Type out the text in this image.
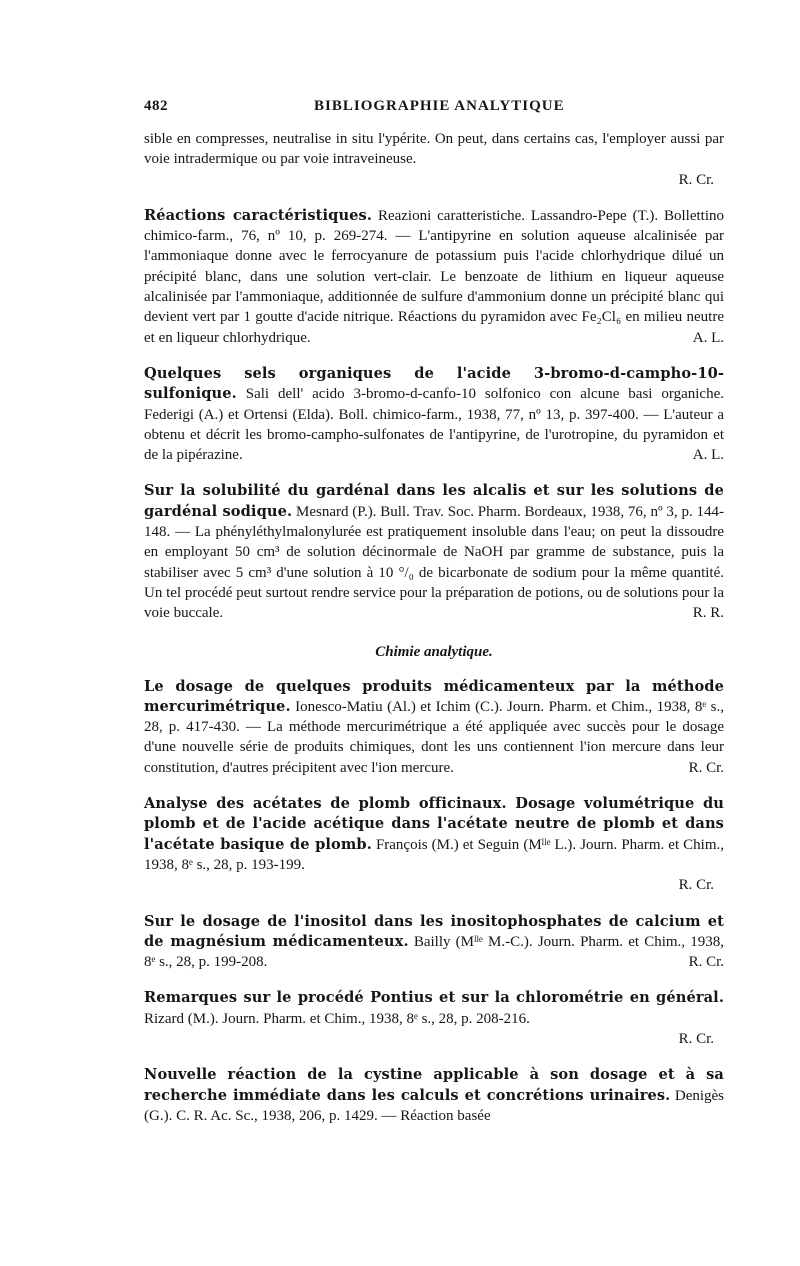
482	BIBLIOGRAPHIE ANALYTIQUE

sible en compresses, neutralise in situ l'ypérite. On peut, dans certains cas, l'employer aussi par voie intradermique ou par voie intraveineuse.

R. Cr.

Réactions caractéristiques. Reazioni caratteristiche. Lassandro-Pepe (T.). Bollettino chimico-farm., 76, nº 10, p. 269-274. — L'antipyrine en solution aqueuse alcalinisée par l'ammoniaque donne avec le ferrocyanure de potassium puis l'acide chlorhydrique dilué un précipité blanc, dans une solution vert-clair. Le benzoate de lithium en liqueur aqueuse alcalinisée par l'ammoniaque, additionnée de sulfure d'ammonium donne un précipité blanc qui devient vert par 1 goutte d'acide nitrique. Réactions du pyramidon avec Fe₂Cl₆ en milieu neutre et en liqueur chlorhydrique.	A. L.

Quelques sels organiques de l'acide 3-bromo-d-campho-10-sulfonique. Sali dell' acido 3-bromo-d-canfo-10 solfonico con alcune basi organiche. Federigi (A.) et Ortensi (Elda). Boll. chimico-farm., 1938, 77, nº 13, p. 397-400. — L'auteur a obtenu et décrit les bromo-campho-sulfonates de l'antipyrine, de l'urotropine, du pyramidon et de la pipérazine.	A. L.

Sur la solubilité du gardénal dans les alcalis et sur les solutions de gardénal sodique. Mesnard (P.). Bull. Trav. Soc. Pharm. Bordeaux, 1938, 76, nº 3, p. 144-148. — La phényléthylmalonylurée est pratiquement insoluble dans l'eau; on peut la dissoudre en employant 50 cm³ de solution décinormale de NaOH par gramme de substance, puis la stabiliser avec 5 cm³ d'une solution à 10 °/₀ de bicarbonate de sodium pour la même quantité. Un tel procédé peut surtout rendre service pour la préparation de potions, ou de solutions pour la voie buccale.	R. R.

Chimie analytique.

Le dosage de quelques produits médicamenteux par la méthode mercurimétrique. Ionesco-Matiu (Al.) et Ichim (C.). Journ. Pharm. et Chim., 1938, 8ᵉ s., 28, p. 417-430. — La méthode mercurimétrique a été appliquée avec succès pour le dosage d'une nouvelle série de produits chimiques, dont les uns contiennent l'ion mercure dans leur constitution, d'autres précipitent avec l'ion mercure.	R. Cr.

Analyse des acétates de plomb officinaux. Dosage volumétrique du plomb et de l'acide acétique dans l'acétate neutre de plomb et dans l'acétate basique de plomb. François (M.) et Seguin (Mˡˡᵉ L.). Journ. Pharm. et Chim., 1938, 8ᵉ s., 28, p. 193-199.

R. Cr.

Sur le dosage de l'inositol dans les inositophosphates de calcium et de magnésium médicamenteux. Bailly (Mˡˡᵉ M.-C.). Journ. Pharm. et Chim., 1938, 8ᵉ s., 28, p. 199-208.	R. Cr.

Remarques sur le procédé Pontius et sur la chlorométrie en général. Rizard (M.). Journ. Pharm. et Chim., 1938, 8ᵉ s., 28, p. 208-216.

R. Cr.

Nouvelle réaction de la cystine applicable à son dosage et à sa recherche immédiate dans les calculs et concrétions urinaires. Denigès (G.). C. R. Ac. Sc., 1938, 206, p. 1429. — Réaction basée
